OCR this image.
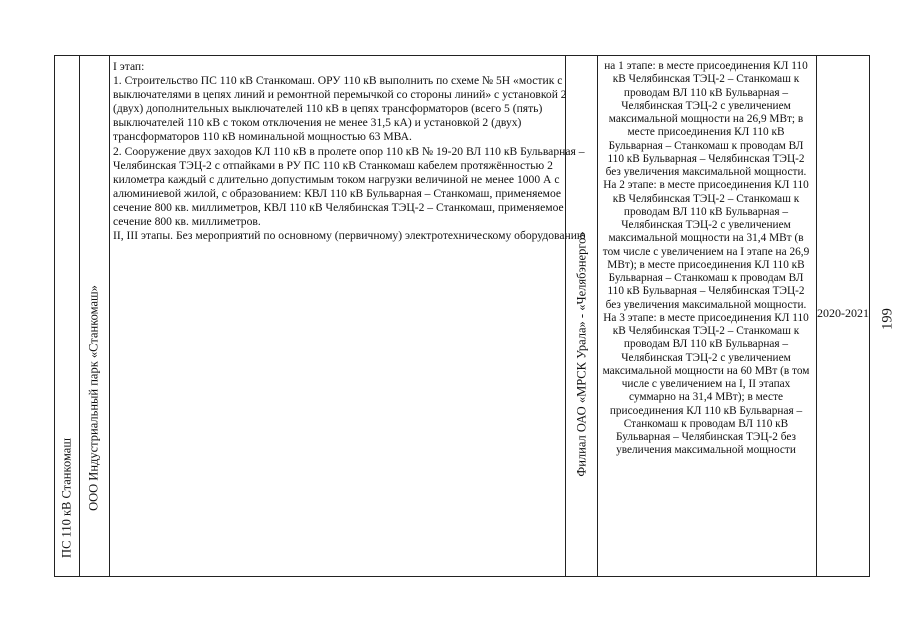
ПС 110 кВ Станкомаш ООО Индустриальный парк «Станкомаш»

I этап:

1. Строительство ПС 110 кВ Станкомаш. ОРУ 110 кВ выполнить по схеме № 5Н «мостик с выключателями в цепях линий и ремонтной перемычкой со стороны линий» с установкой 2 (двух) дополнительных выключателей 110 кВ в цепях трансформаторов (всего 5 (пять) выключателей 110 кВ с током отключения не менее 31,5 кА) и установкой 2 (двух) трансформаторов 110 кВ номинальной мощностью 63 МВА.

2. Сооружение двух заходов КЛ 110 кВ в пролете опор 110 кВ № 19-20 ВЛ 110 кВ Бульварная – Челябинская ТЭЦ-2 с отпайками в РУ ПС 110 кВ Станкомаш кабелем протяжённостью 2 километра каждый с длительно допустимым током нагрузки величиной не менее 1000 А с алюминиевой жилой, с образованием: КВЛ 110 кВ Бульварная – Станкомаш, применяемое сечение 800 кв. миллиметров, КВЛ 110 кВ Челябинская ТЭЦ-2 – Станкомаш, применяемое сечение 800 кв. миллиметров.

II, III этапы. Без мероприятий по основному (первичному) электротехническому оборудованию

Филиал ОАО «МРСК Урала» - «Челябэнерго»

на 1 этапе: в месте присоединения КЛ 110 кВ Челябинская ТЭЦ-2 – Станкомаш к проводам ВЛ 110 кВ Бульварная – Челябинская ТЭЦ-2 с увеличением максимальной мощности на 26,9 МВт; в месте присоединения КЛ 110 кВ Бульварная – Станкомаш к проводам ВЛ 110 кВ Бульварная – Челябинская ТЭЦ-2 без увеличения максимальной мощности.

На 2 этапе: в месте присоединения КЛ 110 кВ Челябинская ТЭЦ-2 – Станкомаш к проводам ВЛ 110 кВ Бульварная – Челябинская ТЭЦ-2 с увеличением максимальной мощности на 31,4 МВт (в том числе с увеличением на I этапе на 26,9 МВт); в месте присоединения КЛ 110 кВ Бульварная – Станкомаш к проводам ВЛ 110 кВ Бульварная – Челябинская ТЭЦ-2 без увеличения максимальной мощности.

На 3 этапе: в месте присоединения КЛ 110 кВ Челябинская ТЭЦ-2 – Станкомаш к проводам ВЛ 110 кВ Бульварная – Челябинская ТЭЦ-2 с увеличением максимальной мощности на 60 МВт (в том числе с увеличением на I, II этапах суммарно на 31,4 МВт); в месте присоединения КЛ 110 кВ Бульварная – Станкомаш к проводам ВЛ 110 кВ Бульварная – Челябинская ТЭЦ-2 без увеличения максимальной мощности

2020-2021 199
